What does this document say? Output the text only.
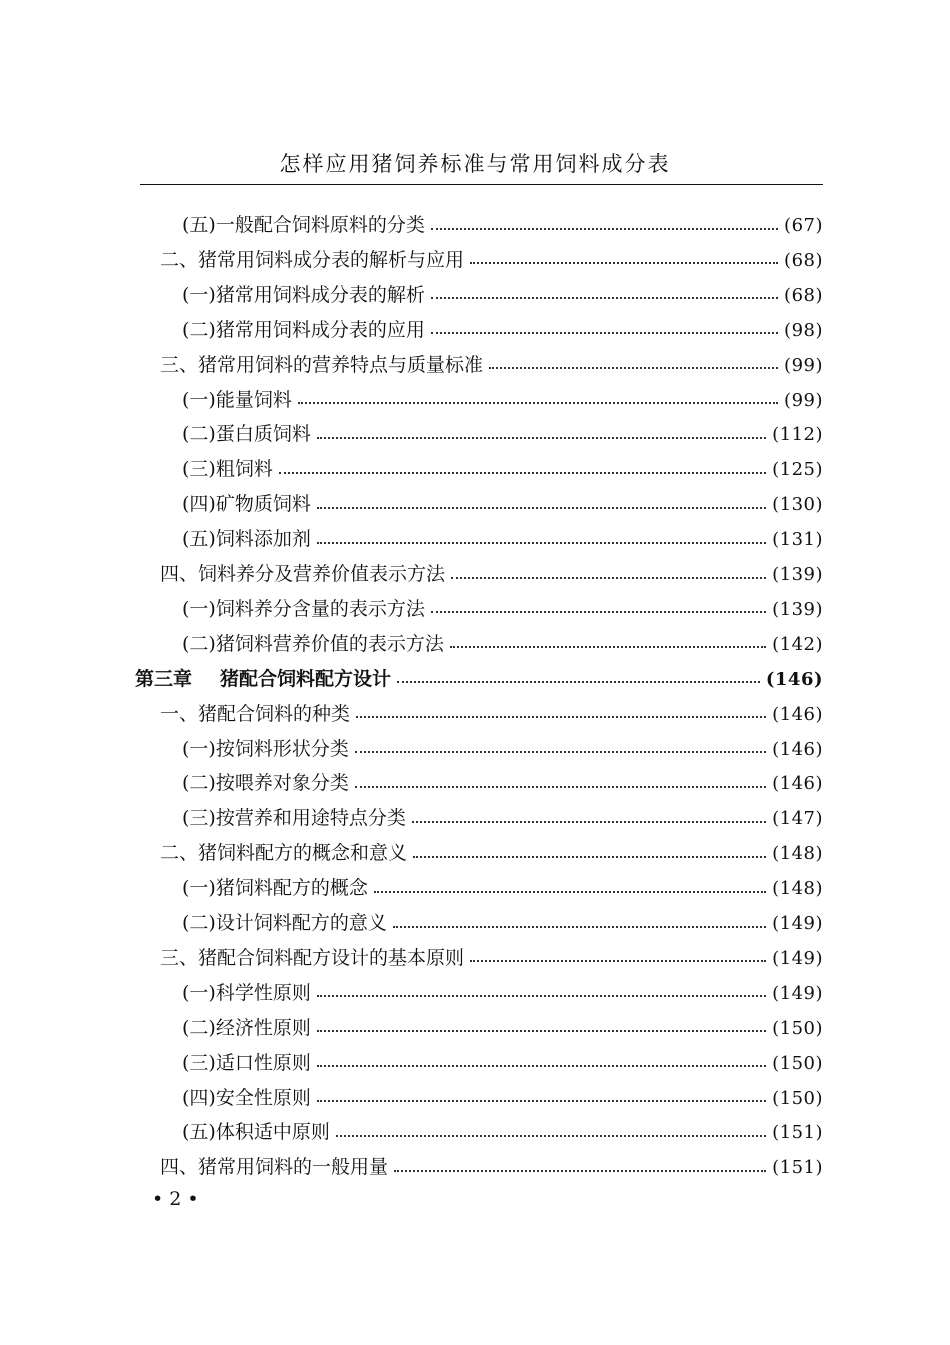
怎样应用猪饲养标准与常用饲料成分表
(五)一般配合饲料原料的分类	(67)
二、猪常用饲料成分表的解析与应用	(68)
(一)猪常用饲料成分表的解析	(68)
(二)猪常用饲料成分表的应用	(98)
三、猪常用饲料的营养特点与质量标准	(99)
(一)能量饲料	(99)
(二)蛋白质饲料	(112)
(三)粗饲料	(125)
(四)矿物质饲料	(130)
(五)饲料添加剂	(131)
四、饲料养分及营养价值表示方法	(139)
(一)饲料养分含量的表示方法	(139)
(二)猪饲料营养价值的表示方法	(142)
第三章 猪配合饲料配方设计	(146)
一、猪配合饲料的种类	(146)
(一)按饲料形状分类	(146)
(二)按喂养对象分类	(146)
(三)按营养和用途特点分类	(147)
二、猪饲料配方的概念和意义	(148)
(一)猪饲料配方的概念	(148)
(二)设计饲料配方的意义	(149)
三、猪配合饲料配方设计的基本原则	(149)
(一)科学性原则	(149)
(二)经济性原则	(150)
(三)适口性原则	(150)
(四)安全性原则	(150)
(五)体积适中原则	(151)
四、猪常用饲料的一般用量	(151)
• 2 •
